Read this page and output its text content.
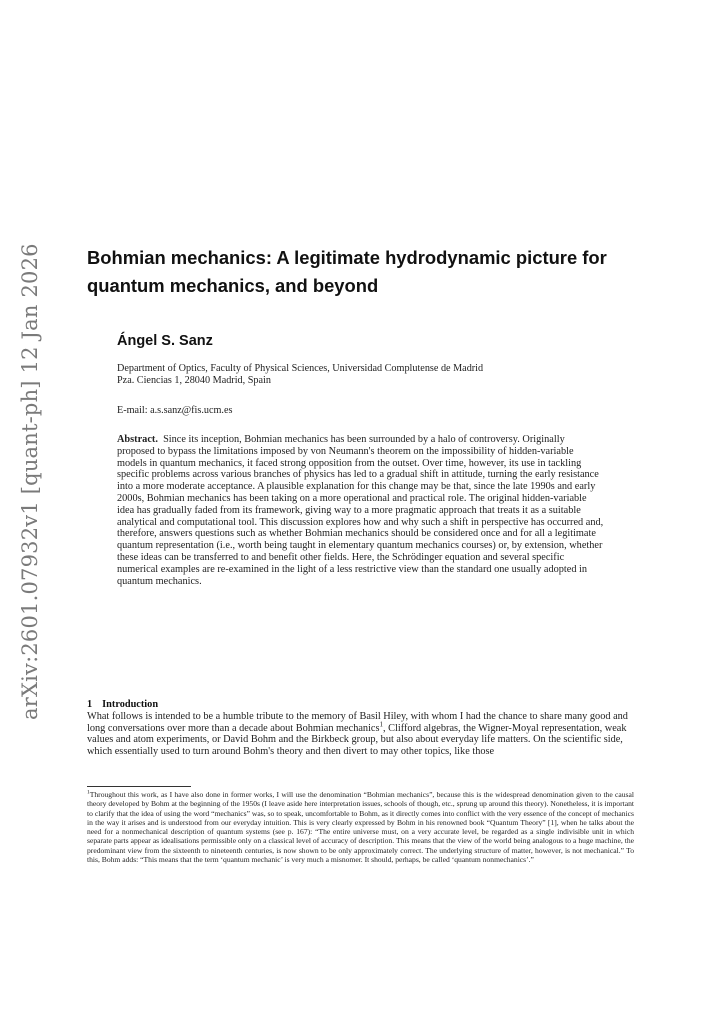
arXiv:2601.07932v1 [quant-ph] 12 Jan 2026 Bohmian mechanics: A legitimate hydrodynamic picture for quantum mechanics, and beyond
Ángel S. Sanz
Department of Optics, Faculty of Physical Sciences, Universidad Complutense de Madrid
Pza. Ciencias 1, 28040 Madrid, Spain
E-mail: a.s.sanz@fis.ucm.es
Abstract. Since its inception, Bohmian mechanics has been surrounded by a halo of controversy. Originally proposed to bypass the limitations imposed by von Neumann's theorem on the impossibility of hidden-variable models in quantum mechanics, it faced strong opposition from the outset. Over time, however, its use in tackling specific problems across various branches of physics has led to a gradual shift in attitude, turning the early resistance into a more moderate acceptance. A plausible explanation for this change may be that, since the late 1990s and early 2000s, Bohmian mechanics has been taking on a more operational and practical role. The original hidden-variable idea has gradually faded from its framework, giving way to a more pragmatic approach that treats it as a suitable analytical and computational tool. This discussion explores how and why such a shift in perspective has occurred and, therefore, answers questions such as whether Bohmian mechanics should be considered once and for all a legitimate quantum representation (i.e., worth being taught in elementary quantum mechanics courses) or, by extension, whether these ideas can be transferred to and benefit other fields. Here, the Schrödinger equation and several specific numerical examples are re-examined in the light of a less restrictive view than the standard one usually adopted in quantum mechanics.
1 Introduction
What follows is intended to be a humble tribute to the memory of Basil Hiley, with whom I had the chance to share many good and long conversations over more than a decade about Bohmian mechanics$^1$, Clifford algebras, the Wigner-Moyal representation, weak values and atom experiments, or David Bohm and the Birkbeck group, but also about everyday life matters. On the scientific side, which essentially used to turn around Bohm's theory and then divert to may other topics, like those
$^1$Throughout this work, as I have also done in former works, I will use the denomination “Bohmian mechanics”, because this is the widespread denomination given to the causal theory developed by Bohm at the beginning of the 1950s (I leave aside here interpretation issues, schools of though, etc., sprung up around this theory). Nonetheless, it is important to clarify that the idea of using the word “mechanics” was, so to speak, uncomfortable to Bohm, as it directly comes into conflict with the very essence of the concept of mechanics in the way it arises and is understood from our everyday intuition. This is very clearly expressed by Bohm in his renowned book “Quantum Theory” [1], when he talks about the need for a nonmechanical description of quantum systems (see p. 167): “The entire universe must, on a very accurate level, be regarded as a single indivisible unit in which separate parts appear as idealisations permissible only on a classical level of accuracy of description. This means that the view of the world being analogous to a huge machine, the predominant view from the sixteenth to nineteenth centuries, is now shown to be only approximately correct. The underlying structure of matter, however, is not mechanical.” To this, Bohm adds: “This means that the term ‘quantum mechanic’ is very much a misnomer. It should, perhaps, be called ‘quantum nonmechanics’.”
